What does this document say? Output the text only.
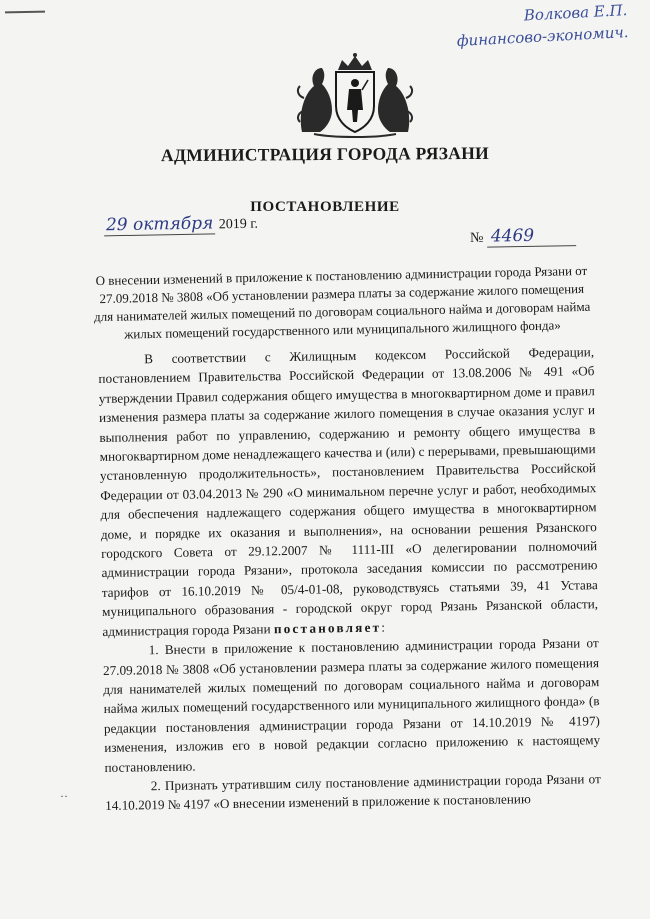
Волкова Е.П.
финансово-экономич.
АДМИНИСТРАЦИЯ ГОРОДА РЯЗАНИ
ПОСТАНОВЛЕНИЕ
29 октября 2019 г.
№ 4469
О внесении изменений в приложение к постановлению администрации города Рязани от 27.09.2018 № 3808 «Об установлении размера платы за содержание жилого помещения для нанимателей жилых помещений по договорам социального найма и договорам найма жилых помещений государственного или муниципального жилищного фонда»

В соответствии с Жилищным кодексом Российской Федерации, постановлением Правительства Российской Федерации от 13.08.2006 № 491 «Об утверждении Правил содержания общего имущества в многоквартирном доме и правил изменения размера платы за содержание жилого помещения в случае оказания услуг и выполнения работ по управлению, содержанию и ремонту общего имущества в многоквартирном доме ненадлежащего качества и (или) с перерывами, превышающими установленную продолжительность», постановлением Правительства Российской Федерации от 03.04.2013 № 290 «О минимальном перечне услуг и работ, необходимых для обеспечения надлежащего содержания общего имущества в многоквартирном доме, и порядке их оказания и выполнения», на основании решения Рязанского городского Совета от 29.12.2007 № 1111-III «О делегировании полномочий администрации города Рязани», протокола заседания комиссии по рассмотрению тарифов от 16.10.2019 № 05/4-01-08, руководствуясь статьями 39, 41 Устава муниципального образования - городской округ город Рязань Рязанской области, администрация города Рязани постановляет:

1. Внести в приложение к постановлению администрации города Рязани от 27.09.2018 № 3808 «Об установлении размера платы за содержание жилого помещения для нанимателей жилых помещений по договорам социального найма и договорам найма жилых помещений государственного или муниципального жилищного фонда» (в редакции постановления администрации города Рязани от 14.10.2019 № 4197) изменения, изложив его в новой редакции согласно приложению к настоящему постановлению.

2. Признать утратившим силу постановление администрации города Рязани от 14.10.2019 № 4197 «О внесении изменений в приложение к постановлению

··
